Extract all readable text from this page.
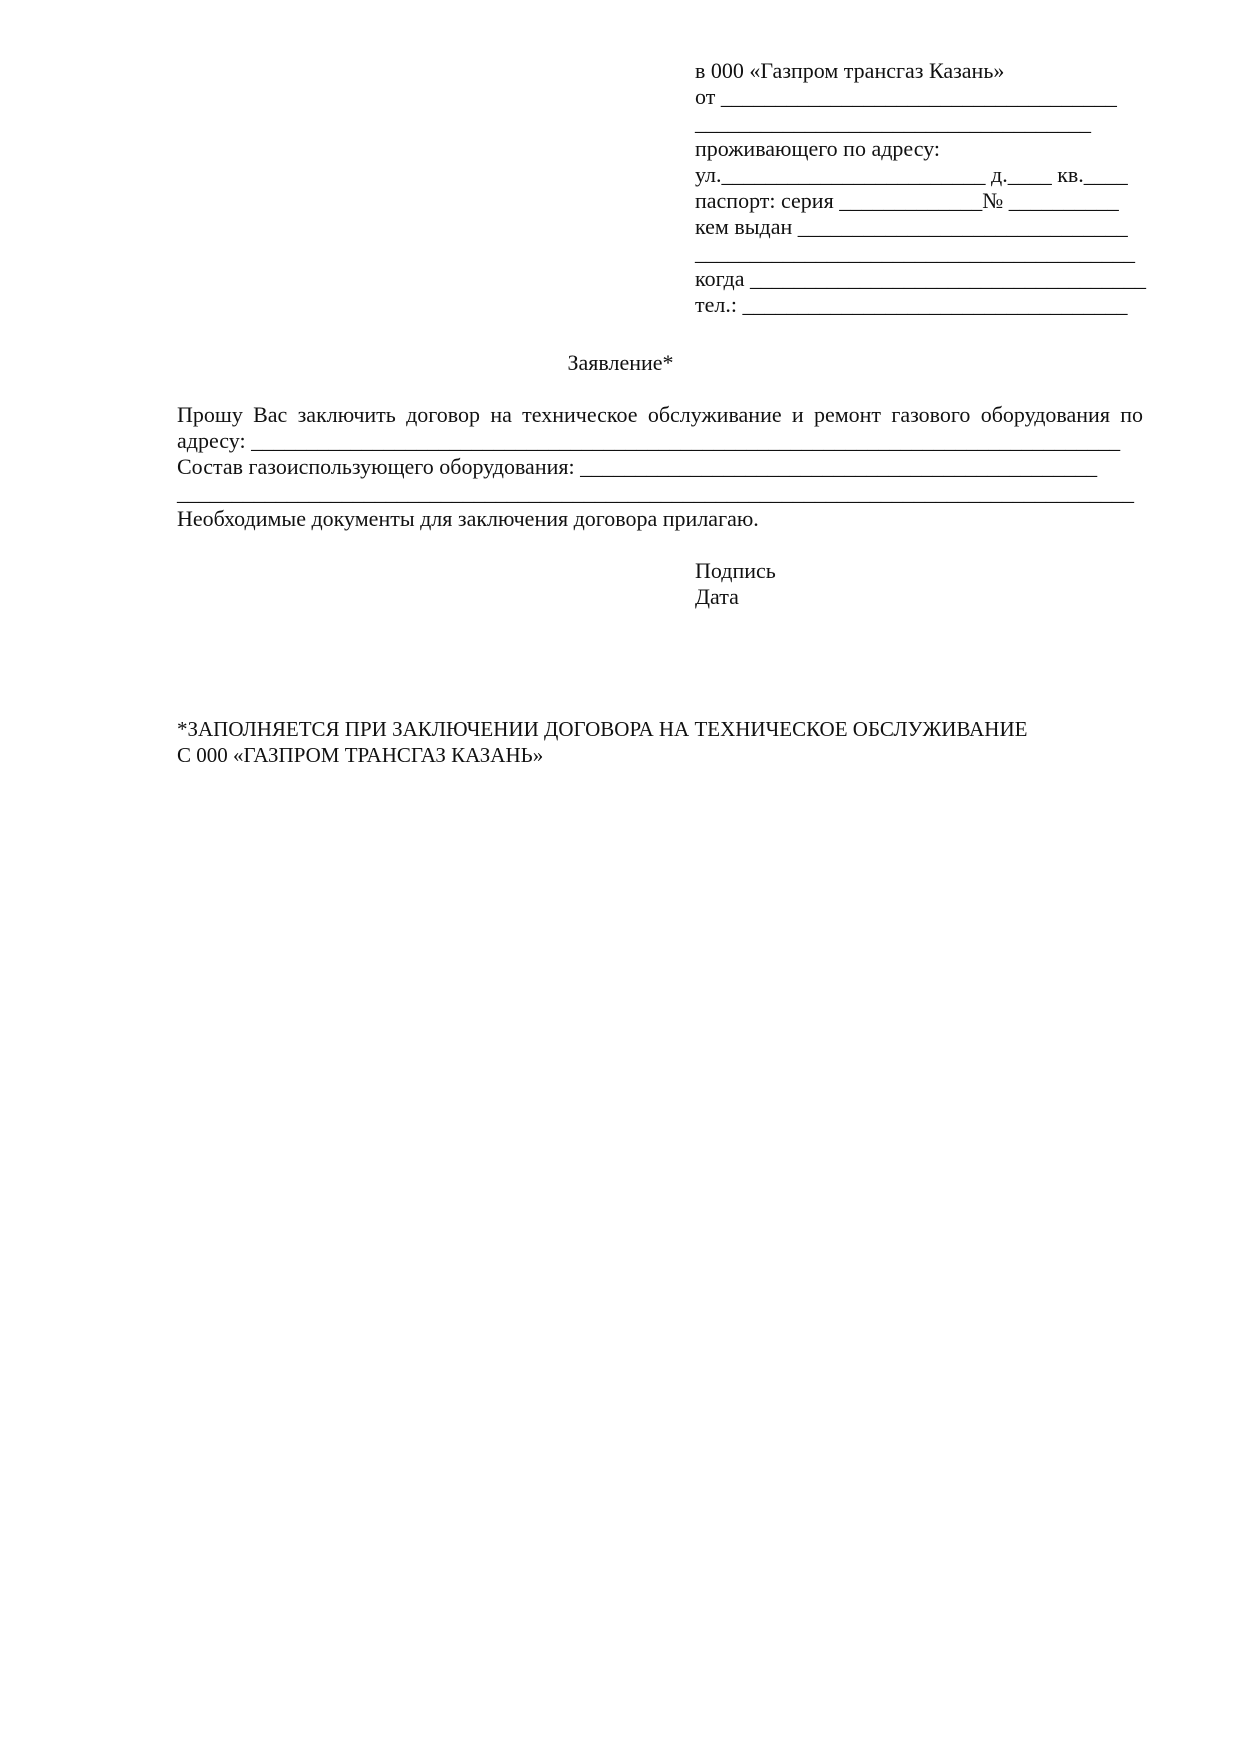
в 000 «Газпром трансгаз Казань»

от ____________________________________

____________________________________

проживающего по адресу:

ул.________________________ д.____ кв.____

паспорт: серия _____________№ __________

кем выдан ______________________________

________________________________________

когда ____________________________________

тел.: ___________________________________

Заявление*

Прошу Вас заключить договор на техническое обслуживание и ремонт газового оборудования по

адресу: _______________________________________________________________________________

Состав газоиспользующего оборудования: _______________________________________________

_______________________________________________________________________________________

Необходимые документы для заключения договора прилагаю.

Подпись

Дата

*ЗАПОЛНЯЕТСЯ ПРИ ЗАКЛЮЧЕНИИ ДОГОВОРА НА ТЕХНИЧЕСКОЕ ОБСЛУЖИВАНИЕ

С 000 «ГАЗПРОМ ТРАНСГАЗ КАЗАНЬ»
